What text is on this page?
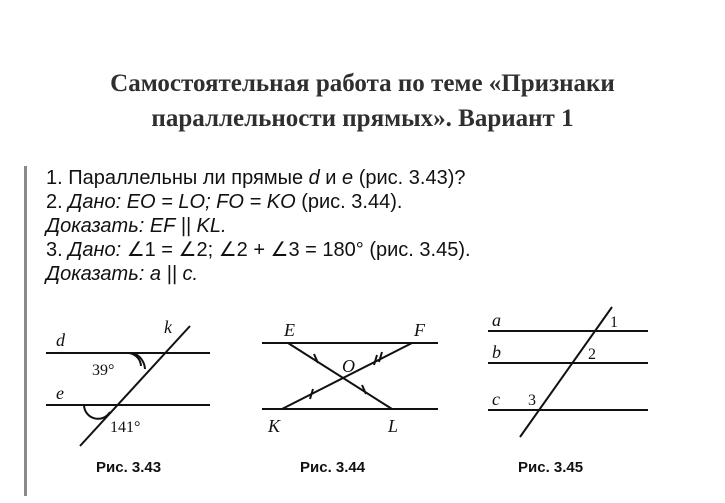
Самостоятельная работа по теме «Признаки
параллельности прямых». Вариант 1
1. Параллельны ли прямые d и e (рис. 3.43)?
2. Дано: EO = LO; FO = KO (рис. 3.44).
Доказать: EF || KL.
3. Дано: ∠1 = ∠2; ∠2 + ∠3 = 180° (рис. 3.45).
Доказать: a || c.
d
e
k
39°
141°
Рис. 3.43
E	F
O
K	L
Рис. 3.44
a
b
c
1
2
3
Рис. 3.45
